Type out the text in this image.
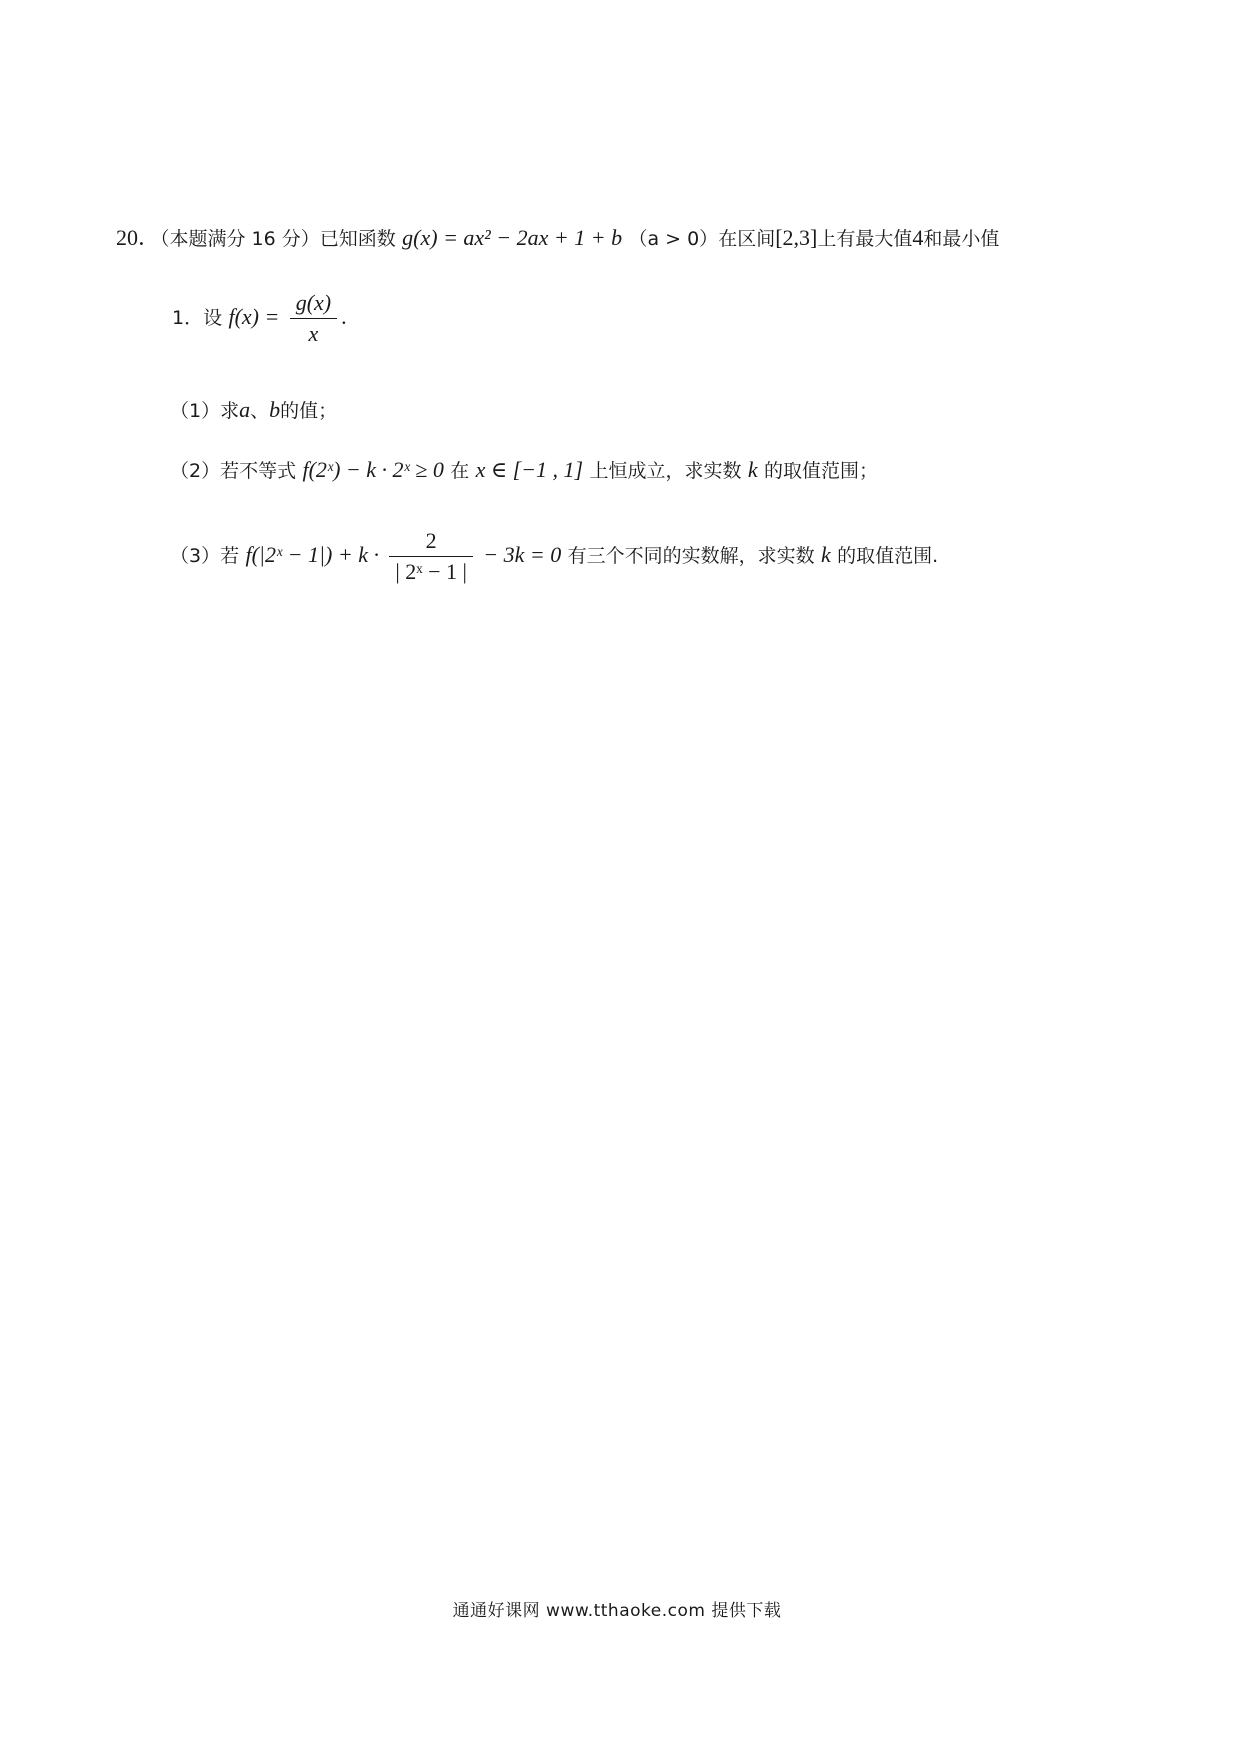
20．（本题满分 16 分）已知函数 g(x) = ax² − 2ax + 1 + b （a > 0）在区间[2,3]上有最大值4和最小值
1．设 $f(x) = \frac{g(x)}{x}$ .
（1）求a、b的值；
（2）若不等式 f(2ˣ) − k · 2ˣ ≥ 0 在 x ∈ [−1 , 1] 上恒成立，求实数 k 的取值范围；
（3）若 f(|2ˣ − $1|) + k \cdot \frac{2}{\text{| 2ˣ − 1 |}} - 3k = 0$ 有三个不同的实数解，求实数 k 的取值范围.
通通好课网 www.tthaoke.com 提供下载
